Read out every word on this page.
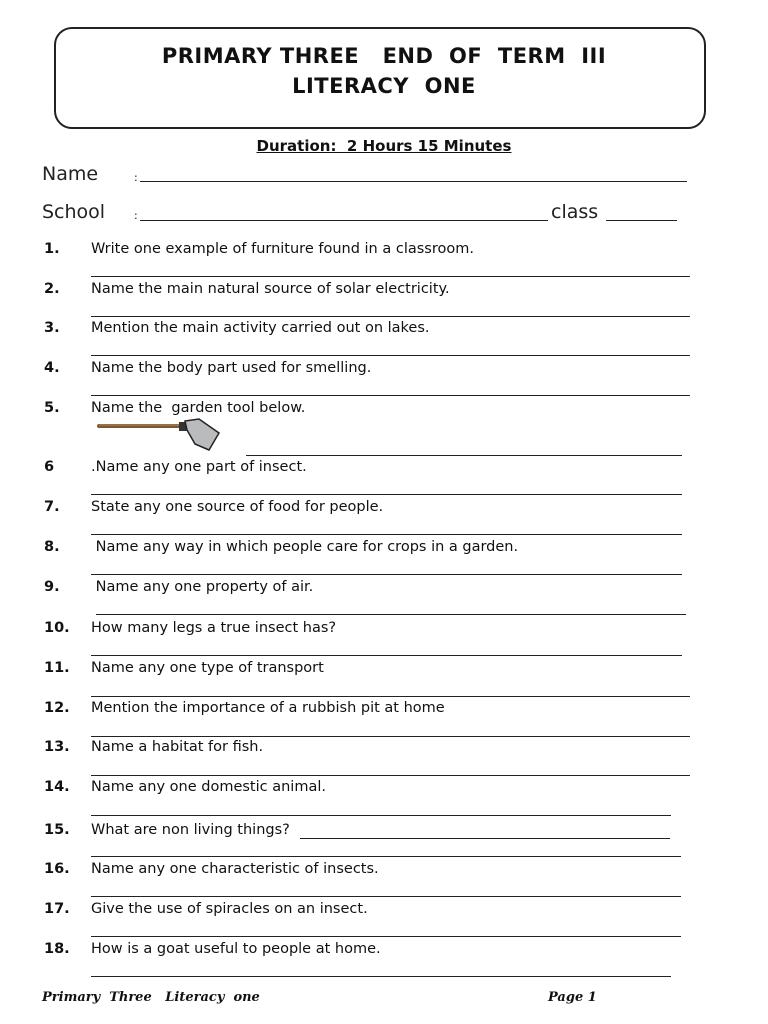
PRIMARY THREE   END  OF  TERM  III
LITERACY  ONE
Duration:  2 Hours 15 Minutes
Name	:
School	:	class
1. Write one example of furniture found in a classroom.
2. Name the main natural source of solar electricity.
3. Mention the main activity carried out on lakes.
4. Name the body part used for smelling.
5. Name the  garden tool below.
6	.Name any one part of insect.
7. State any one source of food for people.
8. Name any way in which people care for crops in a garden.
9. Name any one property of air.
10. How many legs a true insect has?
11. Name any one type of transport
12. Mention the importance of a rubbish pit at home
13. Name a habitat for fish.
14. Name any one domestic animal.
15. What are non living things?
16. Name any one characteristic of insects.
17. Give the use of spiracles on an insect.
18. How is a goat useful to people at home.
Primary  Three   Literacy  one	Page 1
